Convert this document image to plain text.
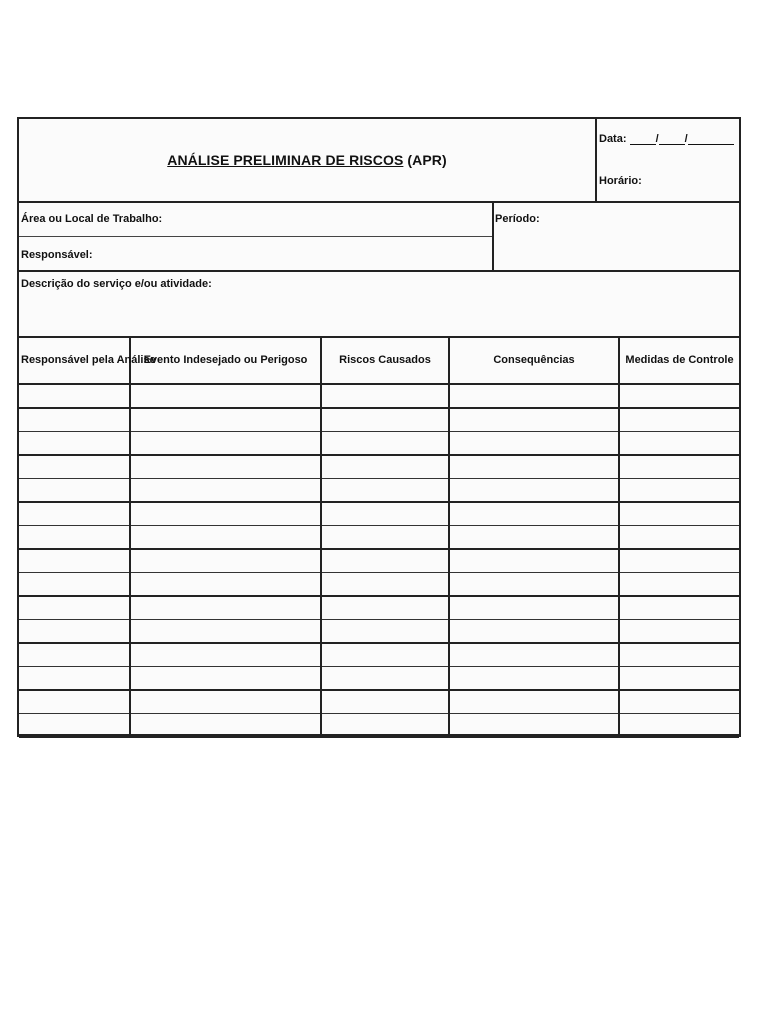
ANÁLISE PRELIMINAR DE RISCOS (APR)
Data:	/ /
Horário:
Área ou Local de Trabalho:
Responsável:
Período:
Descrição do serviço e/ou atividade:
Responsável pela Análise	Evento Indesejado ou Perigoso	Riscos Causados	Consequências	Medidas de Controle
